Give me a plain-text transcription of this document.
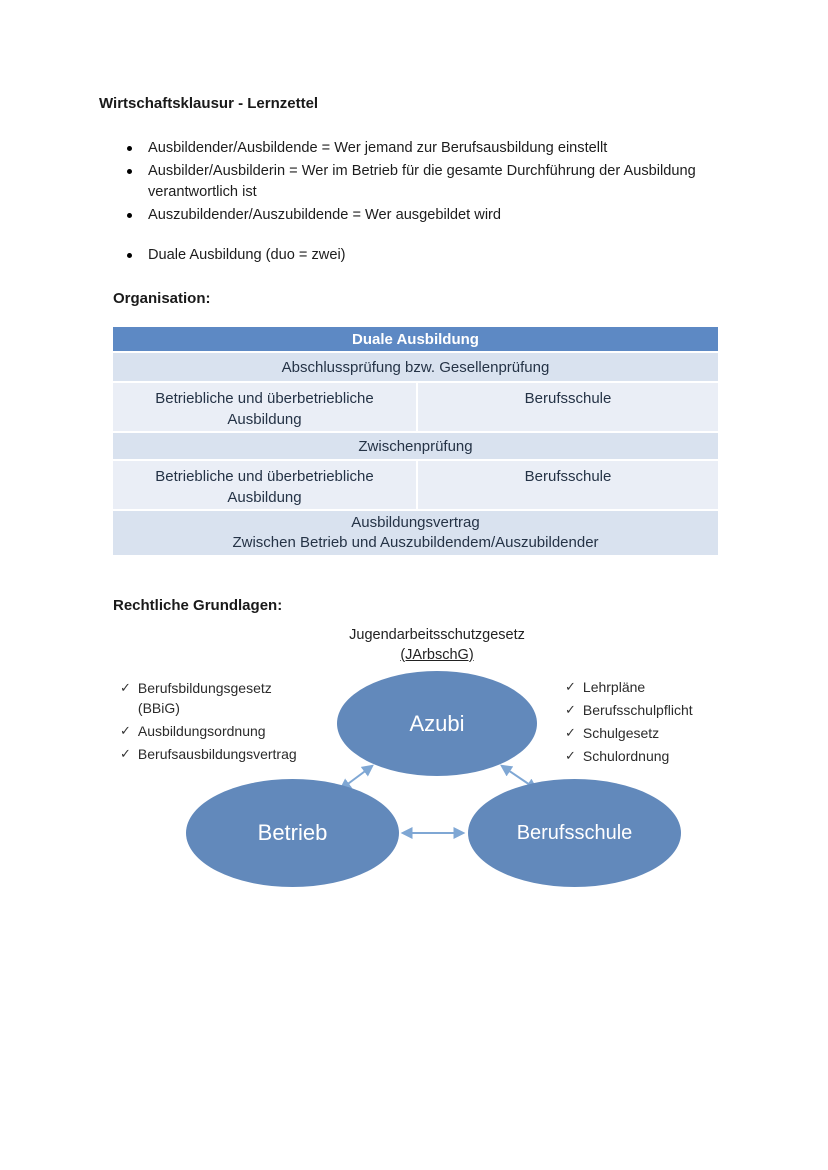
Wirtschaftsklausur - Lernzettel
Ausbildender/Ausbildende = Wer jemand zur Berufsausbildung einstellt
Ausbilder/Ausbilderin = Wer im Betrieb für die gesamte Durchführung der Ausbildung verantwortlich ist
Auszubildender/Auszubildende = Wer ausgebildet wird
Duale Ausbildung (duo = zwei)
Organisation:
Duale Ausbildung
Abschlussprüfung bzw. Gesellenprüfung
Betriebliche und überbetriebliche Ausbildung
Berufsschule
Zwischenprüfung
Betriebliche und überbetriebliche Ausbildung
Berufsschule
Ausbildungsvertrag
Zwischen Betrieb und Auszubildendem/Auszubildender
Rechtliche Grundlagen:
Jugendarbeitsschutzgesetz
(JArbschG)
Azubi
Betrieb	Berufsschule
✓ Berufsbildungsgesetz (BBiG)
✓ Ausbildungsordnung
✓ Berufsausbildungsvertrag
✓ Lehrpläne
✓ Berufsschulpflicht
✓ Schulgesetz
✓ Schulordnung
